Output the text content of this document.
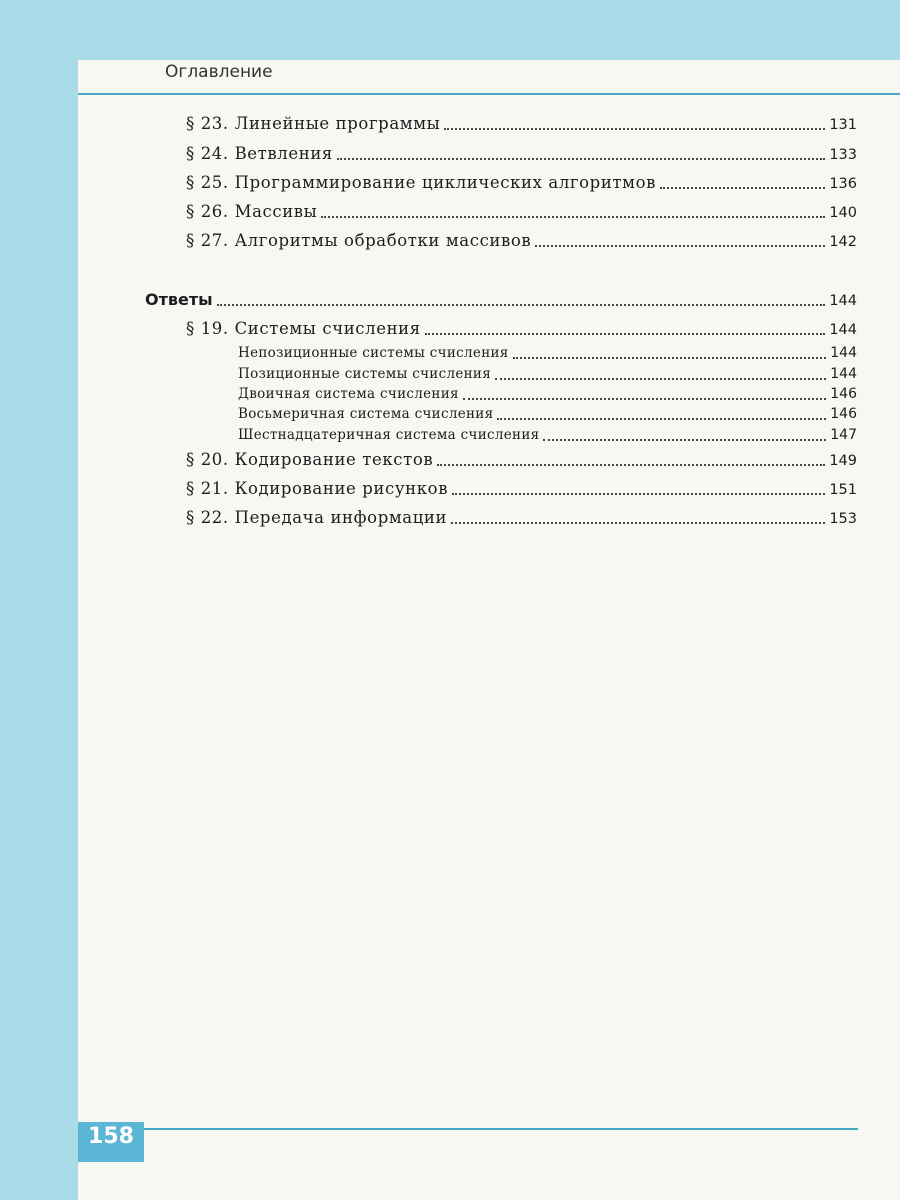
Оглавление
§ 23. Линейные программы	131
§ 24. Ветвления	133
§ 25. Программирование циклических алгоритмов	136
§ 26. Массивы	140
§ 27. Алгоритмы обработки массивов	142
Ответы	144
§ 19. Системы счисления	144
Непозиционные системы счисления	144
Позиционные системы счисления	144
Двоичная система счисления	146
Восьмеричная система счисления	146
Шестнадцатеричная система счисления	147
§ 20. Кодирование текстов	149
§ 21. Кодирование рисунков	151
§ 22. Передача информации	153
158
